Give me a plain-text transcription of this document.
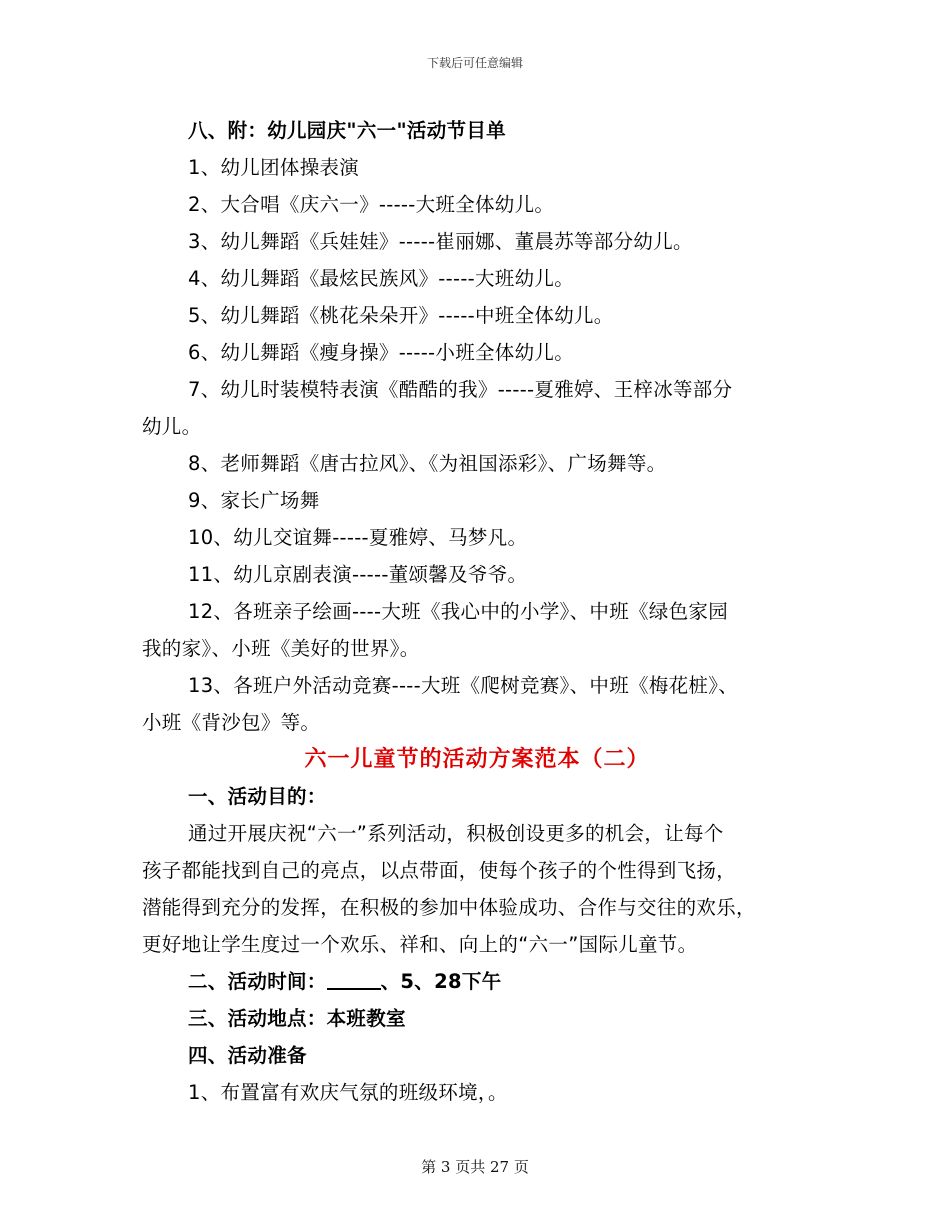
下载后可任意编辑
八、附：幼儿园庆"六一"活动节目单
1、幼儿团体操表演
2、大合唱《庆六一》-----大班全体幼儿。
3、幼儿舞蹈《兵娃娃》-----崔丽娜、董晨苏等部分幼儿。
4、幼儿舞蹈《最炫民族风》-----大班幼儿。
5、幼儿舞蹈《桃花朵朵开》-----中班全体幼儿。
6、幼儿舞蹈《瘦身操》-----小班全体幼儿。
7、幼儿时装模特表演《酷酷的我》-----夏雅婷、王梓冰等部分
幼儿。
8、老师舞蹈《唐古拉风》、《为祖国添彩》、广场舞等。
9、家长广场舞
10、幼儿交谊舞-----夏雅婷、马梦凡。
11、幼儿京剧表演-----董颂馨及爷爷。
12、各班亲子绘画----大班《我心中的小学》、中班《绿色家园
我的家》、小班《美好的世界》。
13、各班户外活动竞赛----大班《爬树竞赛》、中班《梅花桩》、
小班《背沙包》等。
六一儿童节的活动方案范本（二）
一、活动目的：
通过开展庆祝“六一”系列活动，积极创设更多的机会，让每个
孩子都能找到自己的亮点，以点带面，使每个孩子的个性得到飞扬，
潜能得到充分的发挥，在积极的参加中体验成功、合作与交往的欢乐，
更好地让学生度过一个欢乐、祥和、向上的“六一”国际儿童节。
二、活动时间：	、5、28下午
三、活动地点：本班教室
四、活动准备
1、布置富有欢庆气氛的班级环境，。
第 3 页共 27 页
